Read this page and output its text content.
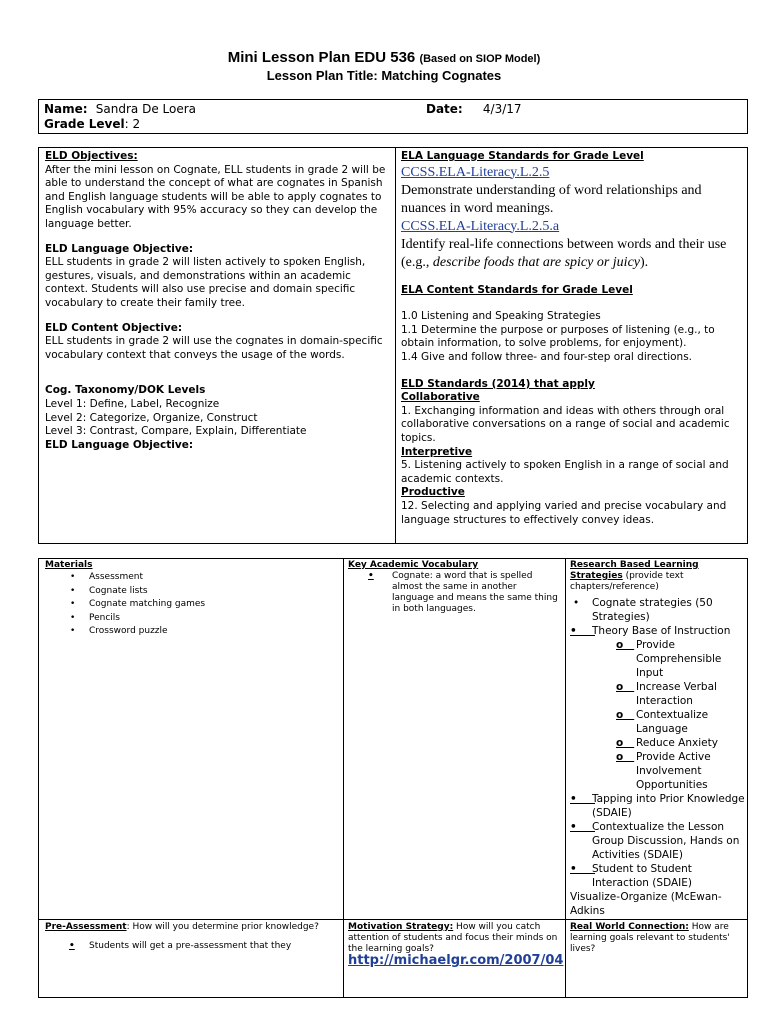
Mini Lesson Plan EDU 536 (Based on SIOP Model)
Lesson Plan Title: Matching Cognates
Name: Sandra De Loera	Date: 4/3/17
Grade Level: 2

ELD Objectives:

After the mini lesson on Cognate, ELL students in grade 2 will be able to understand the concept of what are cognates in Spanish and English language students will be able to apply cognates to English vocabulary with 95% accuracy so they can develop the language better.

ELD Language Objective:

ELL students in grade 2 will listen actively to spoken English, gestures, visuals, and demonstrations within an academic context. Students will also use precise and domain specific vocabulary to create their family tree.

ELD Content Objective:

ELL students in grade 2 will use the cognates in domain-specific vocabulary context that conveys the usage of the words.

Cog. Taxonomy/DOK Levels

Level 1: Define, Label, Recognize

Level 2: Categorize, Organize, Construct

Level 3: Contrast, Compare, Explain, Differentiate

ELD Language Objective:

ELA Language Standards for Grade Level

CCSS.ELA-Literacy.L.2.5

Demonstrate understanding of word relationships and nuances in word meanings.

CCSS.ELA-Literacy.L.2.5.a

Identify real-life connections between words and their use (e.g., describe foods that are spicy or juicy).

ELA Content Standards for Grade Level

1.0 Listening and Speaking Strategies

1.1 Determine the purpose or purposes of listening (e.g., to obtain information, to solve problems, for enjoyment).

1.4 Give and follow three- and four-step oral directions.

ELD Standards (2014) that apply

Collaborative

1. Exchanging information and ideas with others through oral collaborative conversations on a range of social and academic topics.

Interpretive

5. Listening actively to spoken English in a range of social and academic contexts.

Productive

12. Selecting and applying varied and precise vocabulary and language structures to effectively convey ideas.

Materials

• Assessment
• Cognate lists
• Cognate matching games
• Pencils
• Crossword puzzle

Key Academic Vocabulary

•	Cognate: a word that is spelled almost the same in another language and means the same thing in both languages.

Research Based Learning Strategies (provide text chapters/reference)

• Cognate strategies (50 Strategies)
•
Theory Base of Instruction
o Provide Comprehensible Input
o Increase Verbal Interaction
o Contextualize Language
o Reduce Anxiety
o Provide Active Involvement Opportunities
•
Tapping into Prior Knowledge (SDAIE)
•
Contextualize the Lesson Group Discussion, Hands on Activities (SDAIE)
•
Student to Student Interaction (SDAIE)

Visualize-Organize (McEwan-Adkins

Pre-Assessment: How will you determine prior knowledge?

•	Students will get a pre-assessment that they

Motivation Strategy: How will you catch attention of students and focus their minds on the learning goals?

http://michaelgr.com/2007/04

Real World Connection: How are learning goals relevant to students' lives?
